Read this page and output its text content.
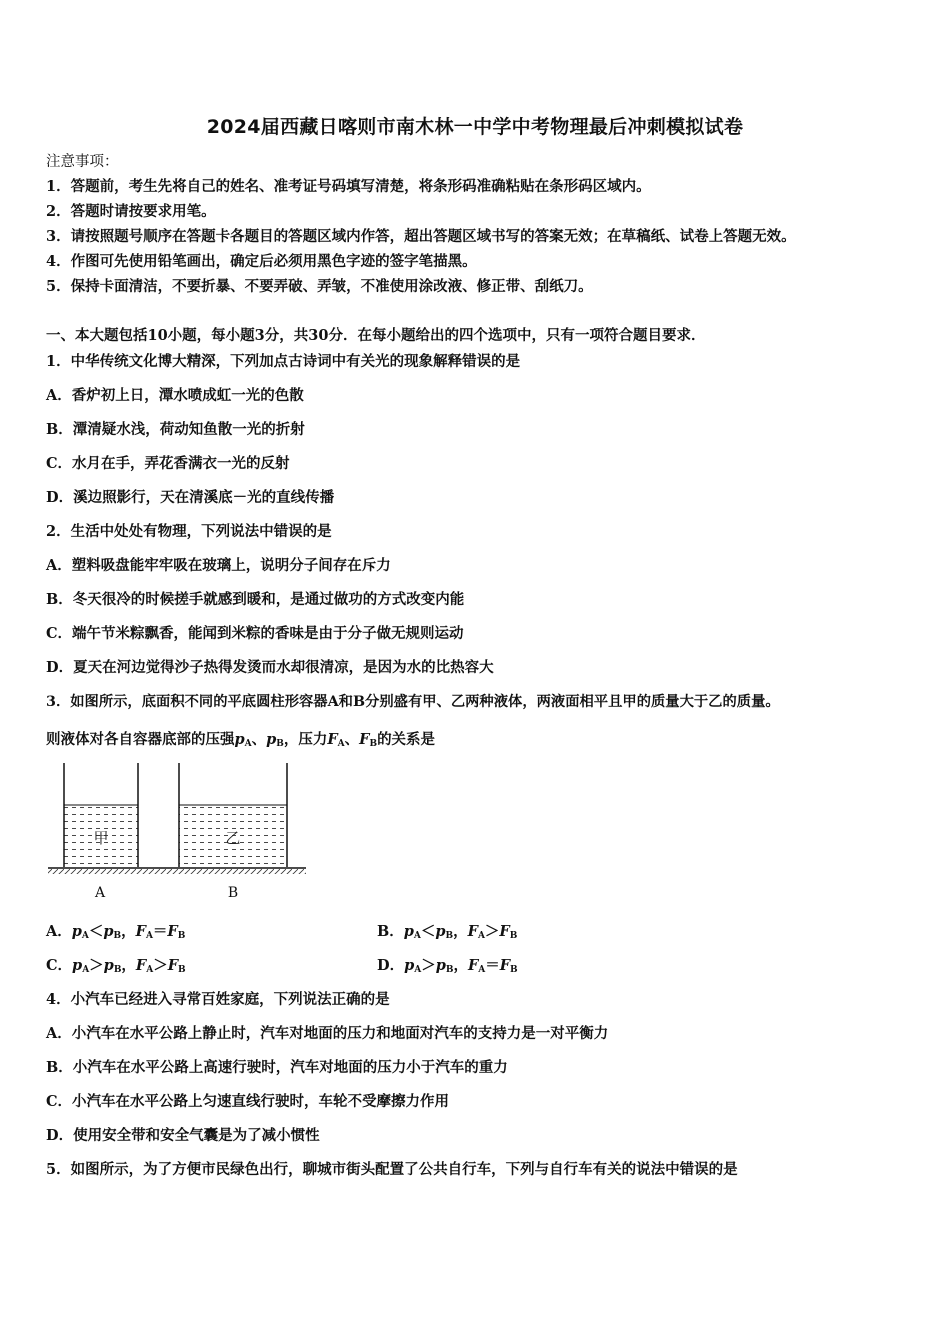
2024届西藏日喀则市南木林一中学中考物理最后冲刺模拟试卷
注意事项：
1．答题前，考生先将自己的姓名、准考证号码填写清楚，将条形码准确粘贴在条形码区域内。
2．答题时请按要求用笔。
3．请按照题号顺序在答题卡各题目的答题区域内作答，超出答题区域书写的答案无效；在草稿纸、试卷上答题无效。
4．作图可先使用铅笔画出，确定后必须用黑色字迹的签字笔描黑。
5．保持卡面清洁，不要折暴、不要弄破、弄皱，不准使用涂改液、修正带、刮纸刀。
一、本大题包括10小题，每小题3分，共30分．在每小题给出的四个选项中，只有一项符合题目要求．
1．中华传统文化博大精深，下列加点古诗词中有关光的现象解释错误的是
A．香炉初上日，潭水喷成虹一光的色散
B．潭清疑水浅，荷动知鱼散一光的折射
C．水月在手，弄花香满衣一光的反射
D．溪边照影行，天在清溪底－光的直线传播
2．生活中处处有物理，下列说法中错误的是
A．塑料吸盘能牢牢吸在玻璃上，说明分子间存在斥力
B．冬天很冷的时候搓手就感到暖和，是通过做功的方式改变内能
C．端午节米粽飘香，能闻到米粽的香味是由于分子做无规则运动
D．夏天在河边觉得沙子热得发烫而水却很清凉，是因为水的比热容大
3．如图所示，底面积不同的平底圆柱形容器A和B分别盛有甲、乙两种液体，两液面相平且甲的质量大于乙的质量。
则液体对各自容器底部的压强$p_A$、$p_B$，压力$F_A$、$F_B$的关系是
甲	乙
A	B
A．$p_A<p_B$，$F_A=F_B$	B．$p_A<p_B$，$F_A>F_B$
C．$p_A>p_B$，$F_A>F_B$	D．$p_A>p_B$，$F_A=F_B$
4．小汽车已经进入寻常百姓家庭，下列说法正确的是
A．小汽车在水平公路上静止时，汽车对地面的压力和地面对汽车的支持力是一对平衡力
B．小汽车在水平公路上高速行驶时，汽车对地面的压力小于汽车的重力
C．小汽车在水平公路上匀速直线行驶时，车轮不受摩擦力作用
D．使用安全带和安全气囊是为了减小惯性
5．如图所示，为了方便市民绿色出行，聊城市街头配置了公共自行车，下列与自行车有关的说法中错误的是
